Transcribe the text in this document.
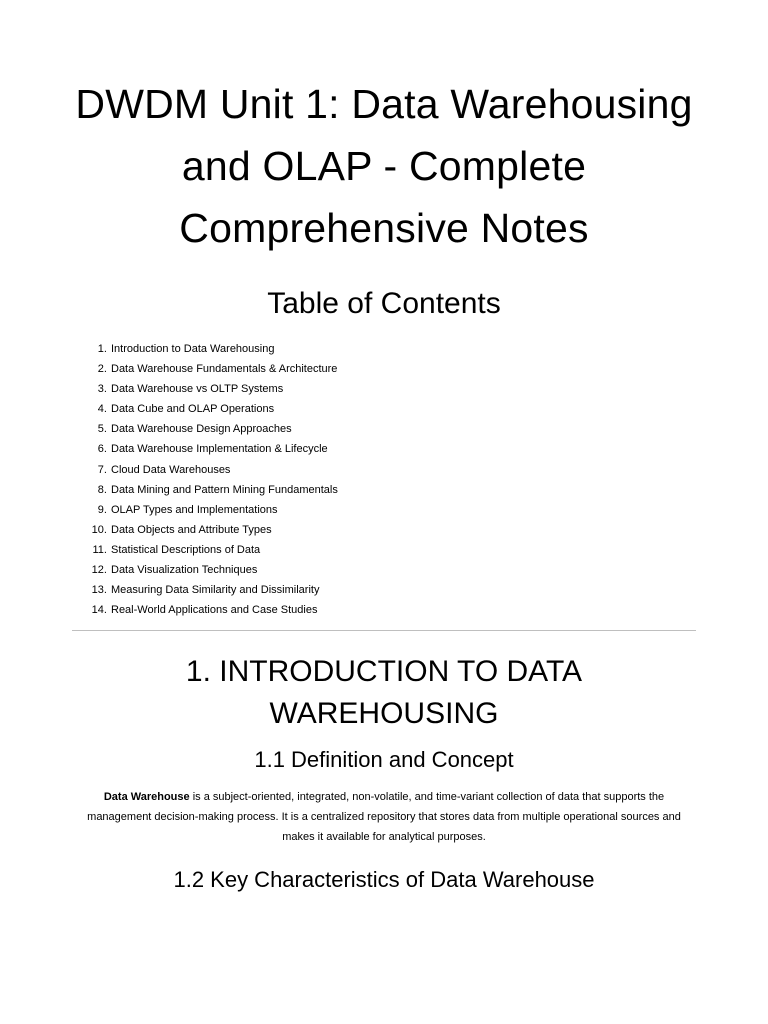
DWDM Unit 1: Data Warehousing and OLAP - Complete Comprehensive Notes
Table of Contents
1. Introduction to Data Warehousing
2. Data Warehouse Fundamentals & Architecture
3. Data Warehouse vs OLTP Systems
4. Data Cube and OLAP Operations
5. Data Warehouse Design Approaches
6. Data Warehouse Implementation & Lifecycle
7. Cloud Data Warehouses
8. Data Mining and Pattern Mining Fundamentals
9. OLAP Types and Implementations
10. Data Objects and Attribute Types
11. Statistical Descriptions of Data
12. Data Visualization Techniques
13. Measuring Data Similarity and Dissimilarity
14. Real-World Applications and Case Studies
1. INTRODUCTION TO DATA WAREHOUSING
1.1 Definition and Concept

Data Warehouse is a subject-oriented, integrated, non-volatile, and time-variant collection of data that supports the management decision-making process. It is a centralized repository that stores data from multiple operational sources and makes it available for analytical purposes.

1.2 Key Characteristics of Data Warehouse
